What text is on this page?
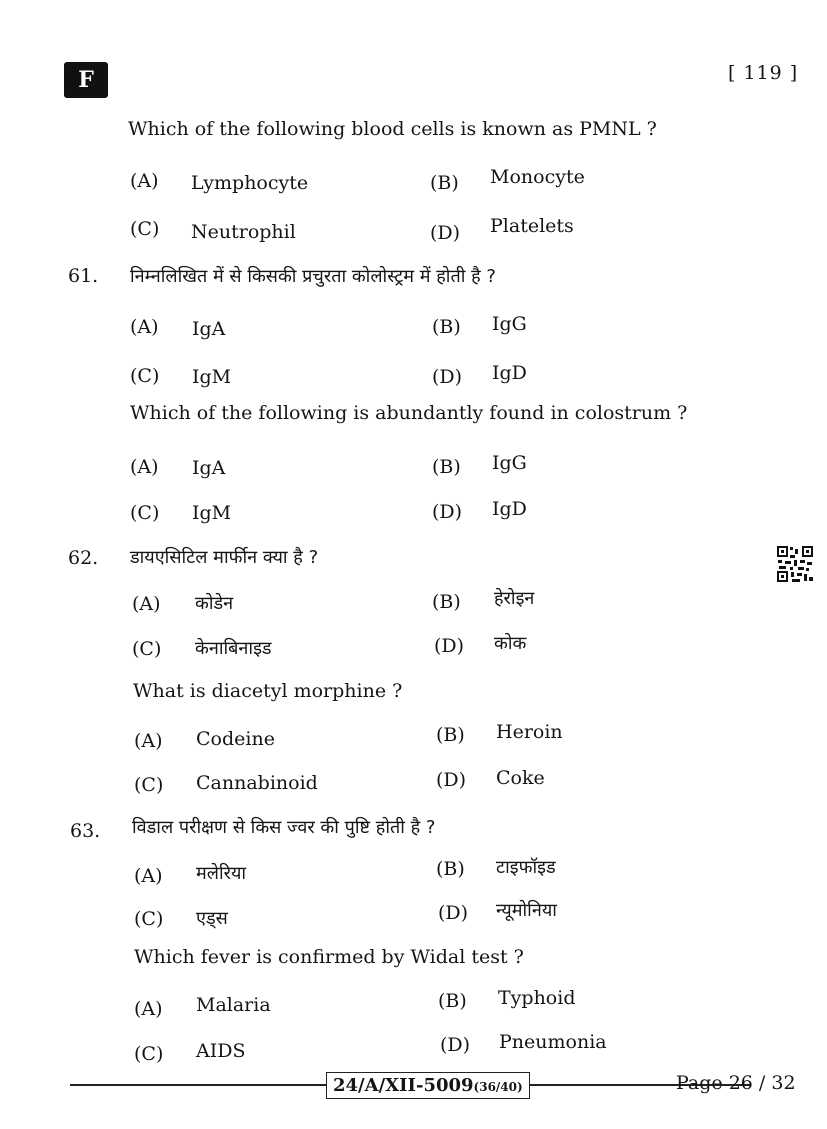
F	[ 119 ]
Which of the following blood cells is known as PMNL ?
(A) Lymphocyte	(B) Monocyte
(C) Neutrophil	(D) Platelets
61. निम्नलिखित में से किसकी प्रचुरता कोलोस्ट्रम में होती है ?
(A) IgA	(B) IgG
(C) IgM	(D) IgD
Which of the following is abundantly found in colostrum ?
(A) IgA	(B) IgG
(C) IgM	(D) IgD
62. डायएसिटिल मार्फीन क्या है ?
(A) कोडेन	(B) हेरोइन
(C) केनाबिनाइड	(D) कोक
What is diacetyl morphine ?
(A) Codeine	(B) Heroin
(C) Cannabinoid	(D) Coke
63. विडाल परीक्षण से किस ज्वर की पुष्टि होती है ?
(A) मलेरिया	(B) टाइफॉइड
(C) एड्स	(D) न्यूमोनिया
Which fever is confirmed by Widal test ?
(A) Malaria	(B) Typhoid
(C) AIDS	(D) Pneumonia
24/A/XII-5009(36/40)	Page 26 / 32
